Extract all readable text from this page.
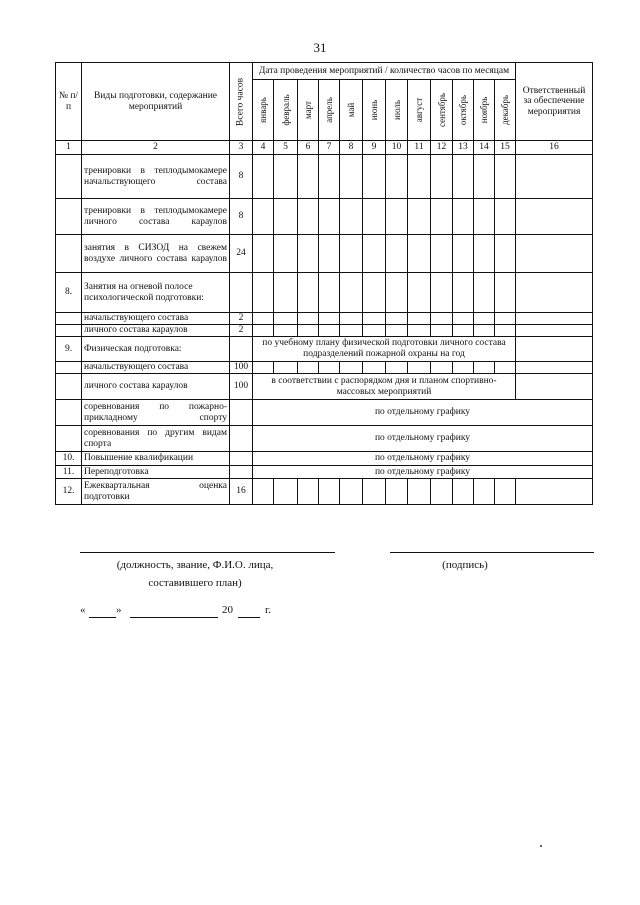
31
№ п/п	Виды подготовки, содержание мероприятий	Всего часов	Дата проведения мероприятий / количество часов по месяцам												Ответственный за обеспечение мероприятия

			январь	февраль	март	апрель	май	июнь	июль	август	сентябрь	октябрь	ноябрь	декабрь	

1	2	3	4	5	6	7	8	9	10	11	12	13	14	15	16
	тренировки в теплодымокамере начальствующего состава	8													
	тренировки в теплодымокамере личного состава караулов	8													
	занятия в СИЗОД на свежем воздухе личного состава караулов	24													
8.	Занятия на огневой полосе психологической подготовки:														
	начальствующего состава	2													
	личного состава караулов	2													
9.	Физическая подготовка:		по учебному плану физической подготовки личного состава подразделений пожарной охраны на год												
	начальствующего состава	100													
	личного состава караулов	100	в соответствии с распорядком дня и планом спортивно-массовых мероприятий												
	соревнования по пожарно-прикладному спорту		по отдельному графику												
	соревнования по другим видам спорта		по отдельному графику												
10.	Повышение квалификации		по отдельному графику												
11.	Переподготовка		по отдельному графику												
12.	Ежеквартальная оценка подготовки	16													
(должность, звание, Ф.И.О. лица,
составившего план)
(подпись)
«	»	20	г.
